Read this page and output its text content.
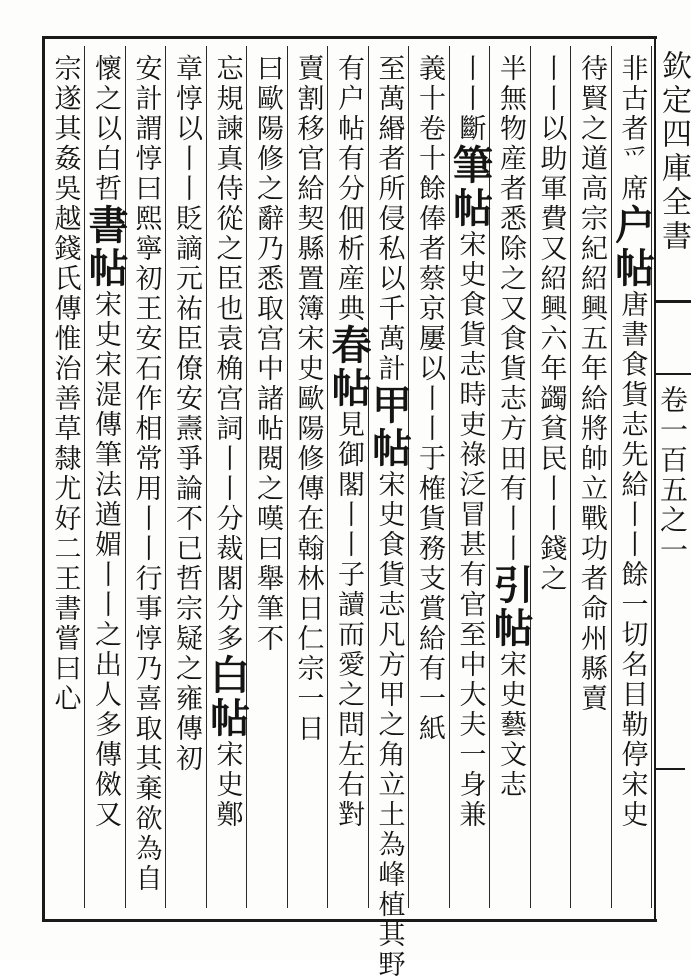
欽定四庫全書
卷一百五之一
非古者爫席户帖唐書食貨志先給丨丨餘一切名目勒停宋史
待賢之道高宗紀紹興五年給將帥立戰功者命州縣賣
丨丨以助軍費又紹興六年蠲貧民丨丨錢之
半無物産者悉除之又食貨志方田有丨丨引帖宋史藝文志
丨丨斷筆帖宋史食貨志時吏祿泛冒甚有官至中大夫一身兼
義十卷十餘俸者蔡京屢以丨丨于榷貨務支賞給有一紙
至萬緡者所侵私以千萬計甲帖宋史食貨志凡方甲之角立土為峰植其野
有户帖有分佃析産典春帖見御閣丨丨子讀而愛之問左右對
賣割移官給契縣置簿宋史歐陽修傳在翰林日仁宗一日
曰歐陽修之辭乃悉取宫中諸帖閱之嘆曰舉筆不
忘規諫真侍從之臣也袁桷宫詞丨丨分裁閣分多白帖宋史鄭
章惇以丨丨貶謫元祐臣僚安燾爭論不已哲宗疑之雍傳初
安計謂惇曰熙寧初王安石作相常用丨丨行事惇乃喜取其棄欲為自
懷之以白哲書帖宋史宋湜傳筆法遒媚丨丨之出人多傳傚又
宗遂其姦吳越錢氏傳惟治善草隸尤好二王書嘗曰心
